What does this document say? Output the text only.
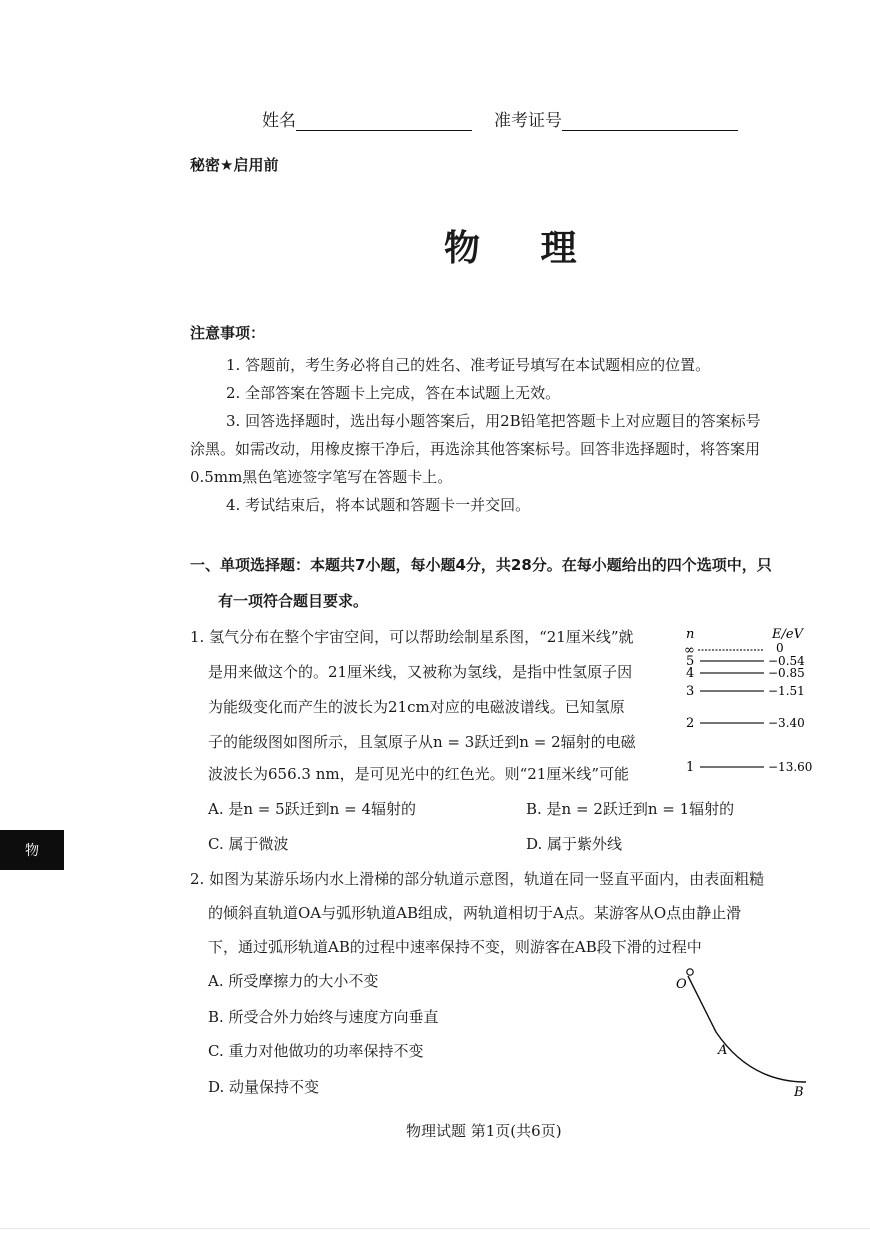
姓名	准考证号
秘密★启用前
物 理
注意事项：
1. 答题前，考生务必将自己的姓名、准考证号填写在本试题相应的位置。
2. 全部答案在答题卡上完成，答在本试题上无效。
3. 回答选择题时，选出每小题答案后，用2B铅笔把答题卡上对应题目的答案标号
涂黑。如需改动，用橡皮擦干净后，再选涂其他答案标号。回答非选择题时，将答案用
0.5mm黑色笔迹签字笔写在答题卡上。
4. 考试结束后，将本试题和答题卡一并交回。
一、单项选择题：本题共7小题，每小题4分，共28分。在每小题给出的四个选项中，只
有一项符合题目要求。
1. 氢气分布在整个宇宙空间，可以帮助绘制星系图，“21厘米线”就
是用来做这个的。21厘米线，又被称为氢线，是指中性氢原子因
为能级变化而产生的波长为21cm对应的电磁波谱线。已知氢原
子的能级图如图所示，且氢原子从n = 3跃迁到n = 2辐射的电磁
波波长为656.3 nm，是可见光中的红色光。则“21厘米线”可能
A. 是n = 5跃迁到n = 4辐射的	B. 是n = 2跃迁到n = 1辐射的
C. 属于微波	D. 属于紫外线
n	E/eV
∞	0
5	−0.54
4	−0.85
3	−1.51
2	−3.40
1	−13.60
物
2. 如图为某游乐场内水上滑梯的部分轨道示意图，轨道在同一竖直平面内，由表面粗糙
的倾斜直轨道OA与弧形轨道AB组成，两轨道相切于A点。某游客从O点由静止滑
下，通过弧形轨道AB的过程中速率保持不变，则游客在AB段下滑的过程中
A. 所受摩擦力的大小不变
B. 所受合外力始终与速度方向垂直
C. 重力对他做功的功率保持不变
D. 动量保持不变
O
A
B
物理试题 第1页(共6页)
